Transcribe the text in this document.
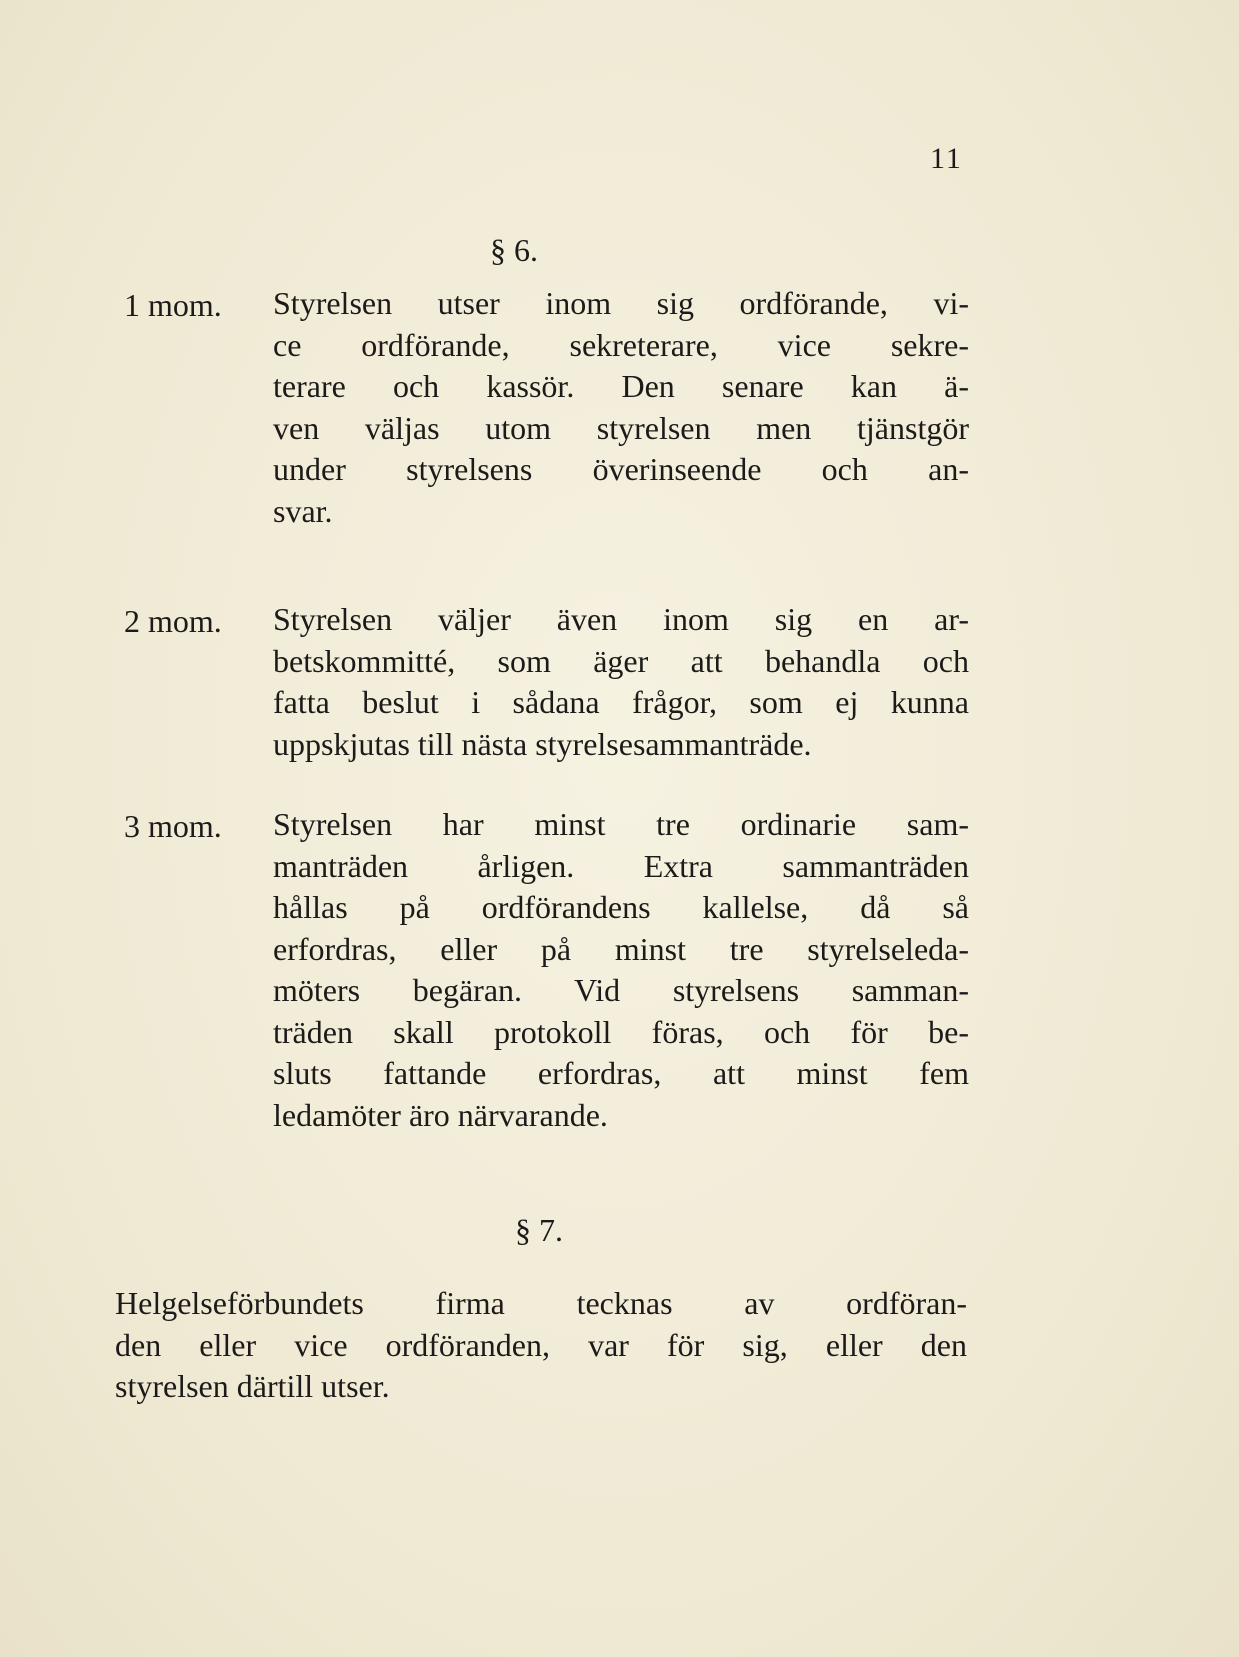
11
§ 6.
1 mom. Styrelsen utser inom sig ordförande, vi-
ce ordförande, sekreterare, vice sekre-
terare och kassör. Den senare kan ä-
ven väljas utom styrelsen men tjänstgör
under styrelsens överinseende och an-
svar.
2 mom. Styrelsen väljer även inom sig en ar-
betskommitté, som äger att behandla och
fatta beslut i sådana frågor, som ej kunna
uppskjutas till nästa styrelsesammanträde.
3 mom. Styrelsen har minst tre ordinarie sam-
manträden årligen. Extra sammanträden
hållas på ordförandens kallelse, då så
erfordras, eller på minst tre styrelseleda-
möters begäran. Vid styrelsens samman-
träden skall protokoll föras, och för be-
sluts fattande erfordras, att minst fem
ledamöter äro närvarande.
§ 7.
Helgelseförbundets firma tecknas av ordföran-
den eller vice ordföranden, var för sig, eller den
styrelsen därtill utser.
